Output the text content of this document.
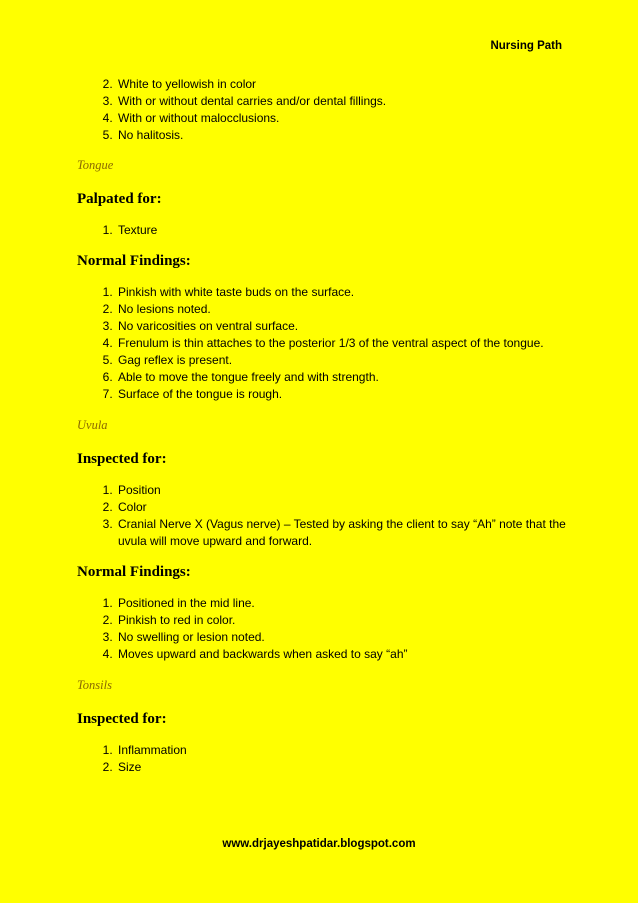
Nursing Path
2. White to yellowish in color
3. With or without dental carries and/or dental fillings.
4. With or without malocclusions.
5. No halitosis.
Tongue
Palpated for:
1. Texture
Normal Findings:
1. Pinkish with white taste buds on the surface.
2. No lesions noted.
3. No varicosities on ventral surface.
4. Frenulum is thin attaches to the posterior 1/3 of the ventral aspect of the tongue.
5. Gag reflex is present.
6. Able to move the tongue freely and with strength.
7. Surface of the tongue is rough.
Uvula
Inspected for:
1. Position
2. Color
3. Cranial Nerve X (Vagus nerve) – Tested by asking the client to say “Ah” note that the uvula will move upward and forward.
Normal Findings:
1. Positioned in the mid line.
2. Pinkish to red in color.
3. No swelling or lesion noted.
4. Moves upward and backwards when asked to say “ah”
Tonsils
Inspected for:
1. Inflammation
2. Size
www.drjayeshpatidar.blogspot.com
